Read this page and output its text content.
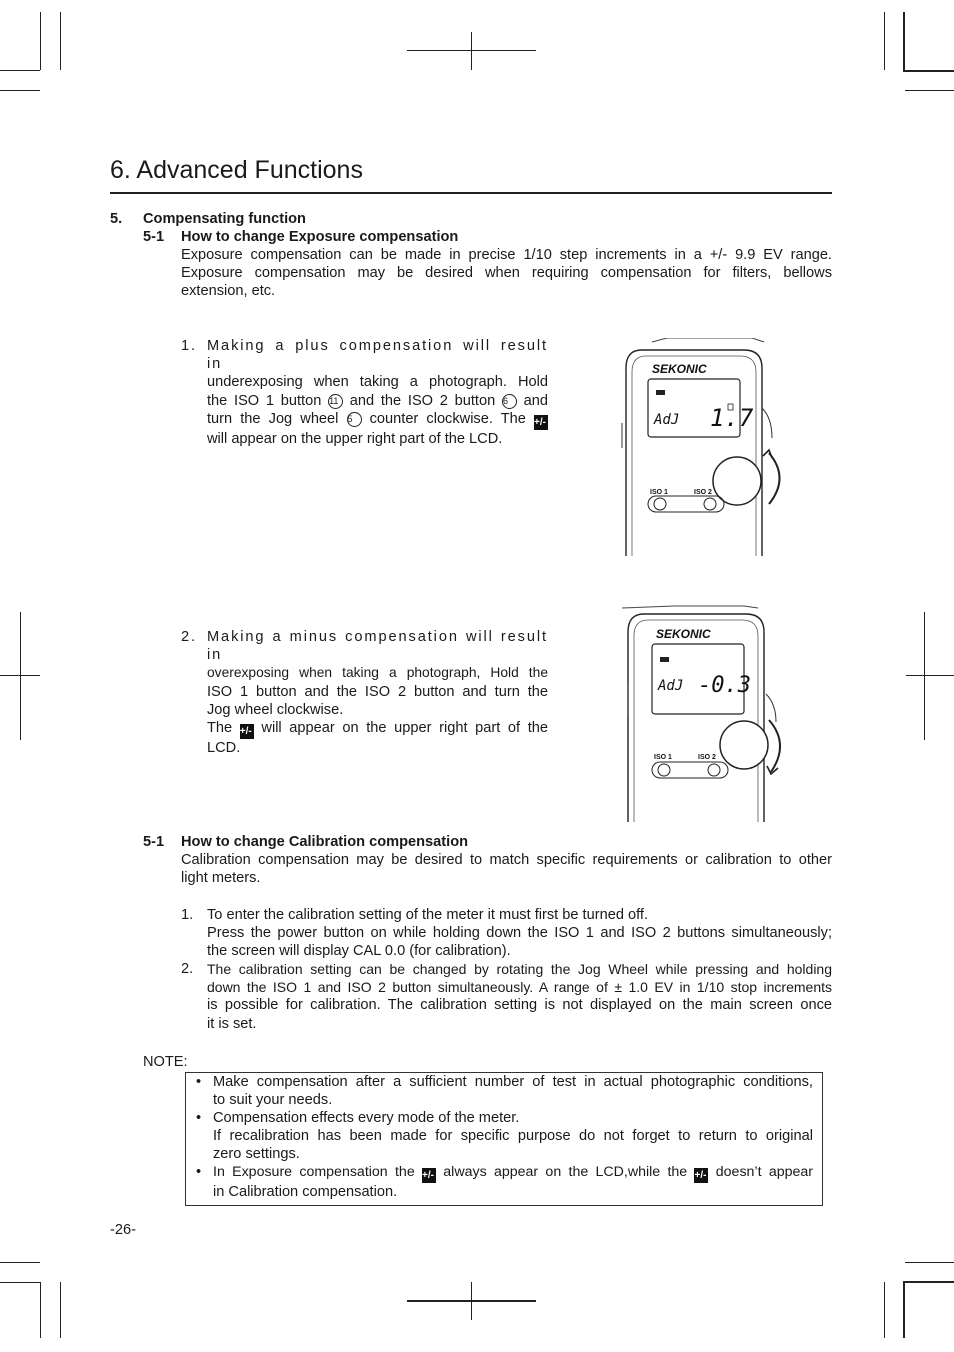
6. Advanced Functions
5. Compensating function
5-1 How to change Exposure compensation
Exposure compensation can be made in precise 1/10 step increments in a +/- 9.9 EV range.
Exposure compensation may be desired when requiring compensation for filters, bellows
extension, etc.
1. Making a plus compensation will result in
underexposing when taking a photograph. Hold
the ISO 1 button 11 and the ISO 2 button 6 and
turn the Jog wheel 5 counter clockwise. The +/-
will appear on the upper right part of the LCD.
SEKONIC
AdJ 1.7
ISO 1	ISO 2
2. Making a minus compensation will result in
overexposing when taking a photograph, Hold the
ISO 1 button and the ISO 2 button and turn the
Jog wheel clockwise.
The +/- will appear on the upper right part of the
LCD.
SEKONIC
AdJ -0.3
ISO 1	ISO 2
5-1 How to change Calibration compensation
Calibration compensation may be desired to match specific requirements or calibration to other
light meters.
1. To enter the calibration setting of the meter it must first be turned off.
Press the power button on while holding down the ISO 1 and ISO 2 buttons simultaneously;
the screen will display CAL 0.0 (for calibration).
2. The calibration setting can be changed by rotating the Jog Wheel while pressing and holding
down the ISO 1 and ISO 2 button simultaneously. A range of ± 1.0 EV in 1/10 stop increments
is possible for calibration. The calibration setting is not displayed on the main screen once
it is set.
NOTE:
• Make compensation after a sufficient number of test in actual photographic conditions,
to suit your needs.
• Compensation effects every mode of the meter.
If recalibration has been made for specific purpose do not forget to return to original
zero settings.
• In Exposure compensation the +/- always appear on the LCD,while the +/- doesn’t appear
in Calibration compensation.
-26-
